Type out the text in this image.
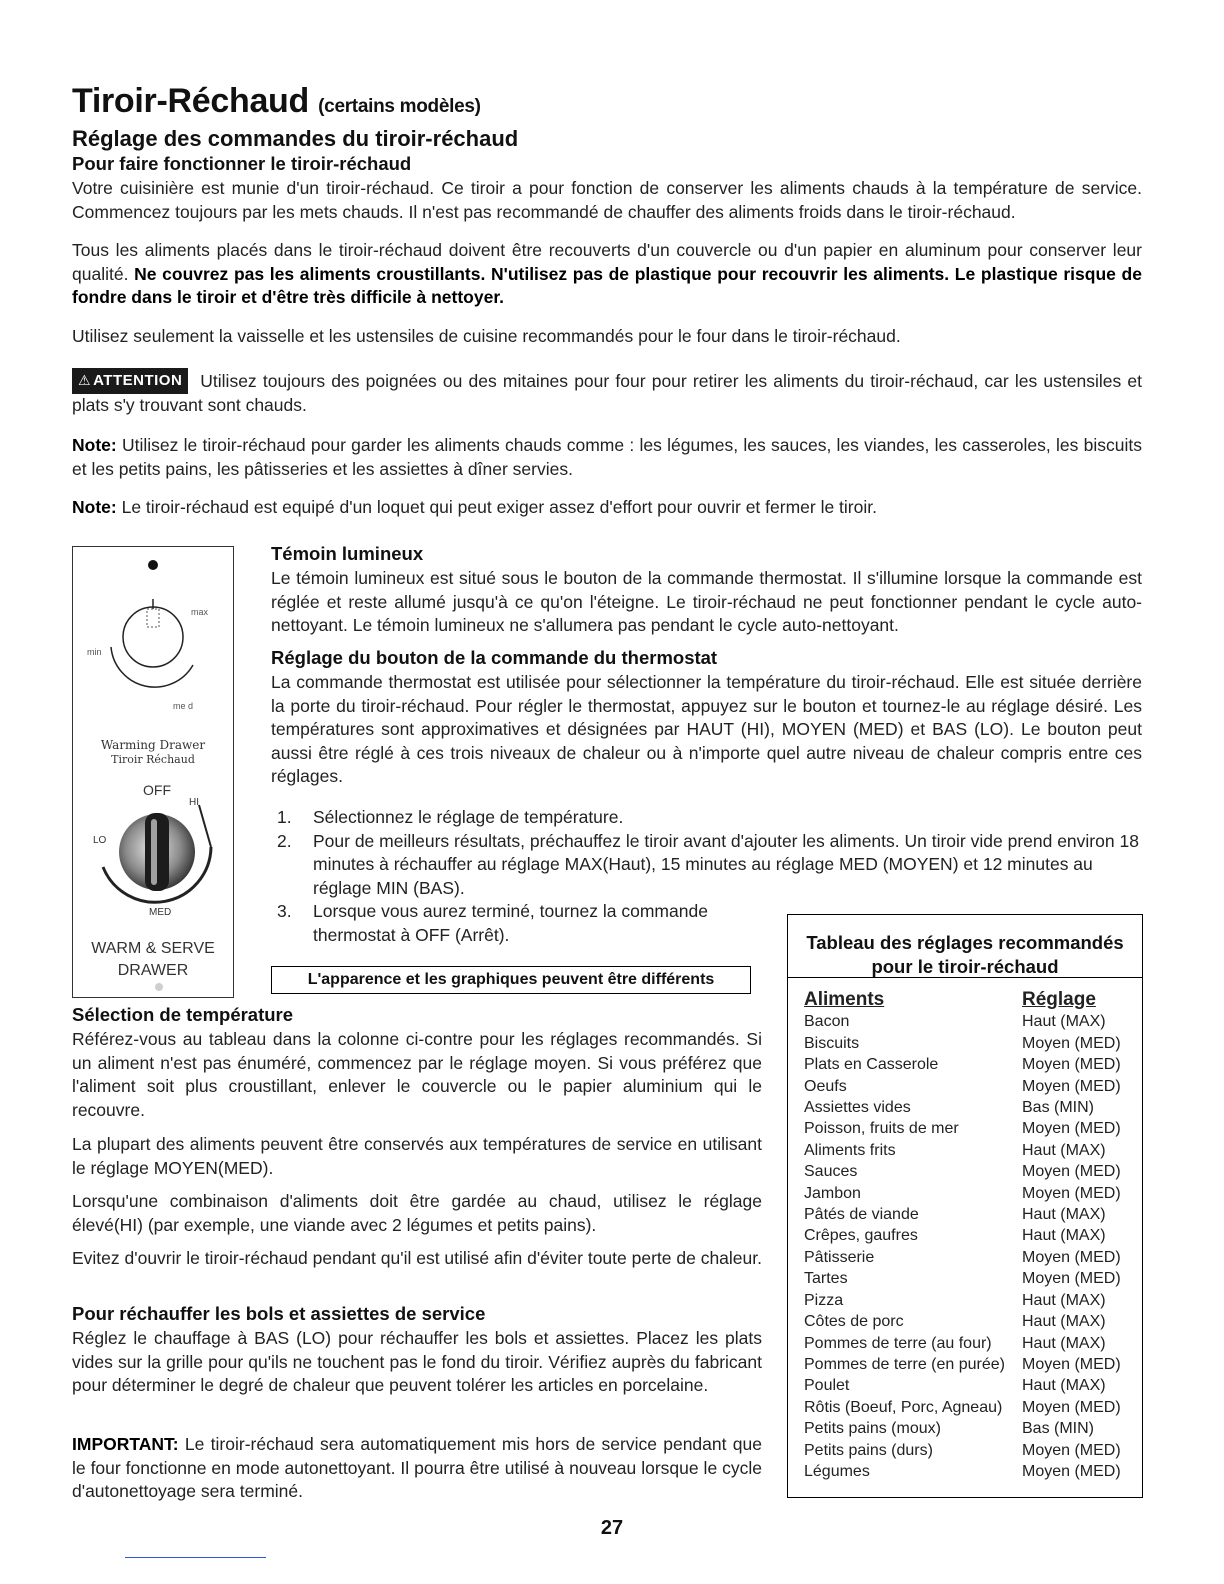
Tiroir-Réchaud (certains modèles)
Réglage des commandes du tiroir-réchaud
Pour faire fonctionner le tiroir-réchaud

Votre cuisinière est munie d'un tiroir-réchaud. Ce tiroir a pour fonction de conserver les aliments chauds à la température de service. Commencez toujours par les mets chauds. Il n'est pas recommandé de chauffer des aliments froids dans le tiroir-réchaud.

Tous les aliments placés dans le tiroir-réchaud doivent être recouverts d'un couvercle ou d'un papier en aluminum pour conserver leur qualité. Ne couvrez pas les aliments croustillants. N'utilisez pas de plastique pour recouvrir les aliments. Le plastique risque de fondre dans le tiroir et d'être très difficile à nettoyer.

Utilisez seulement la vaisselle et les ustensiles de cuisine recommandés pour le four dans le tiroir-réchaud.

⚠ ATTENTION Utilisez toujours des poignées ou des mitaines pour four pour retirer les aliments du tiroir-réchaud, car les ustensiles et plats s'y trouvant sont chauds.

Note: Utilisez le tiroir-réchaud pour garder les aliments chauds comme : les légumes, les sauces, les viandes, les casseroles, les biscuits et les petits pains, les pâtisseries et les assiettes à dîner servies.

Note: Le tiroir-réchaud est equipé d'un loquet qui peut exiger assez d'effort pour ouvrir et fermer le tiroir.

max
min
me d
Warming Drawer
Tiroir Réchaud
OFF
HI
LO
MED
WARM & SERVE
DRAWER
Témoin lumineux

Le témoin lumineux est situé sous le bouton de la commande thermostat. Il s'illumine lorsque la commande est réglée et reste allumé jusqu'à ce qu'on l'éteigne. Le tiroir-réchaud ne peut fonctionner pendant le cycle auto-nettoyant. Le témoin lumineux ne s'allumera pas pendant le cycle auto-nettoyant.

Réglage du bouton de la commande du thermostat

La commande thermostat est utilisée pour sélectionner la température du tiroir-réchaud. Elle est située derrière la porte du tiroir-réchaud. Pour régler le thermostat, appuyez sur le bouton et tournez-le au réglage désiré. Les températures sont approximatives et désignées par HAUT (HI), MOYEN (MED) et BAS (LO). Le bouton peut aussi être réglé à ces trois niveaux de chaleur ou à n'importe quel autre niveau de chaleur compris entre ces réglages.

1. Sélectionnez le réglage de température.
2. Pour de meilleurs résultats, préchauffez le tiroir avant d'ajouter les aliments. Un tiroir vide prend environ 18 minutes à réchauffer au réglage MAX(Haut), 15 minutes au réglage MED (MOYEN) et 12 minutes au réglage MIN (BAS).
3. Lorsque vous aurez terminé, tournez la commande thermostat à OFF (Arrêt).
L'apparence et les graphiques peuvent être différents
Sélection de température

Référez-vous au tableau dans la colonne ci-contre pour les réglages recommandés. Si un aliment n'est pas énuméré, commencez par le réglage moyen. Si vous préférez que l'aliment soit plus croustillant, enlever le couvercle ou le papier aluminium qui le recouvre.

La plupart des aliments peuvent être conservés aux températures de service en utilisant le réglage MOYEN(MED).

Lorsqu'une combinaison d'aliments doit être gardée au chaud, utilisez le réglage élevé(HI) (par exemple, une viande avec 2 légumes et petits pains).

Evitez d'ouvrir le tiroir-réchaud pendant qu'il est utilisé afin d'éviter toute perte de chaleur.

Pour réchauffer les bols et assiettes de service

Réglez le chauffage à BAS (LO) pour réchauffer les bols et assiettes. Placez les plats vides sur la grille pour qu'ils ne touchent pas le fond du tiroir. Vérifiez auprès du fabricant pour déterminer le degré de chaleur que peuvent tolérer les articles en porcelaine.

IMPORTANT: Le tiroir-réchaud sera automatiquement mis hors de service pendant que le four fonctionne en mode autonettoyant. Il pourra être utilisé à nouveau lorsque le cycle d'autonettoyage sera terminé.

Tableau des réglages recommandés
pour le tiroir-réchaud
Aliments	Réglage
Bacon	Haut (MAX)
Biscuits	Moyen (MED)
Plats en Casserole	Moyen (MED)
Oeufs	Moyen (MED)
Assiettes vides	Bas (MIN)
Poisson, fruits de mer	Moyen (MED)
Aliments frits	Haut (MAX)
Sauces	Moyen (MED)
Jambon	Moyen (MED)
Pâtés de viande	Haut (MAX)
Crêpes, gaufres	Haut (MAX)
Pâtisserie	Moyen (MED)
Tartes	Moyen (MED)
Pizza	Haut (MAX)
Côtes de porc	Haut (MAX)
Pommes de terre (au four)	Haut (MAX)
Pommes de terre (en purée)	Moyen (MED)
Poulet	Haut (MAX)
Rôtis (Boeuf, Porc, Agneau)	Moyen (MED)
Petits pains (moux)	Bas (MIN)
Petits pains (durs)	Moyen (MED)
Légumes	Moyen (MED)
27
